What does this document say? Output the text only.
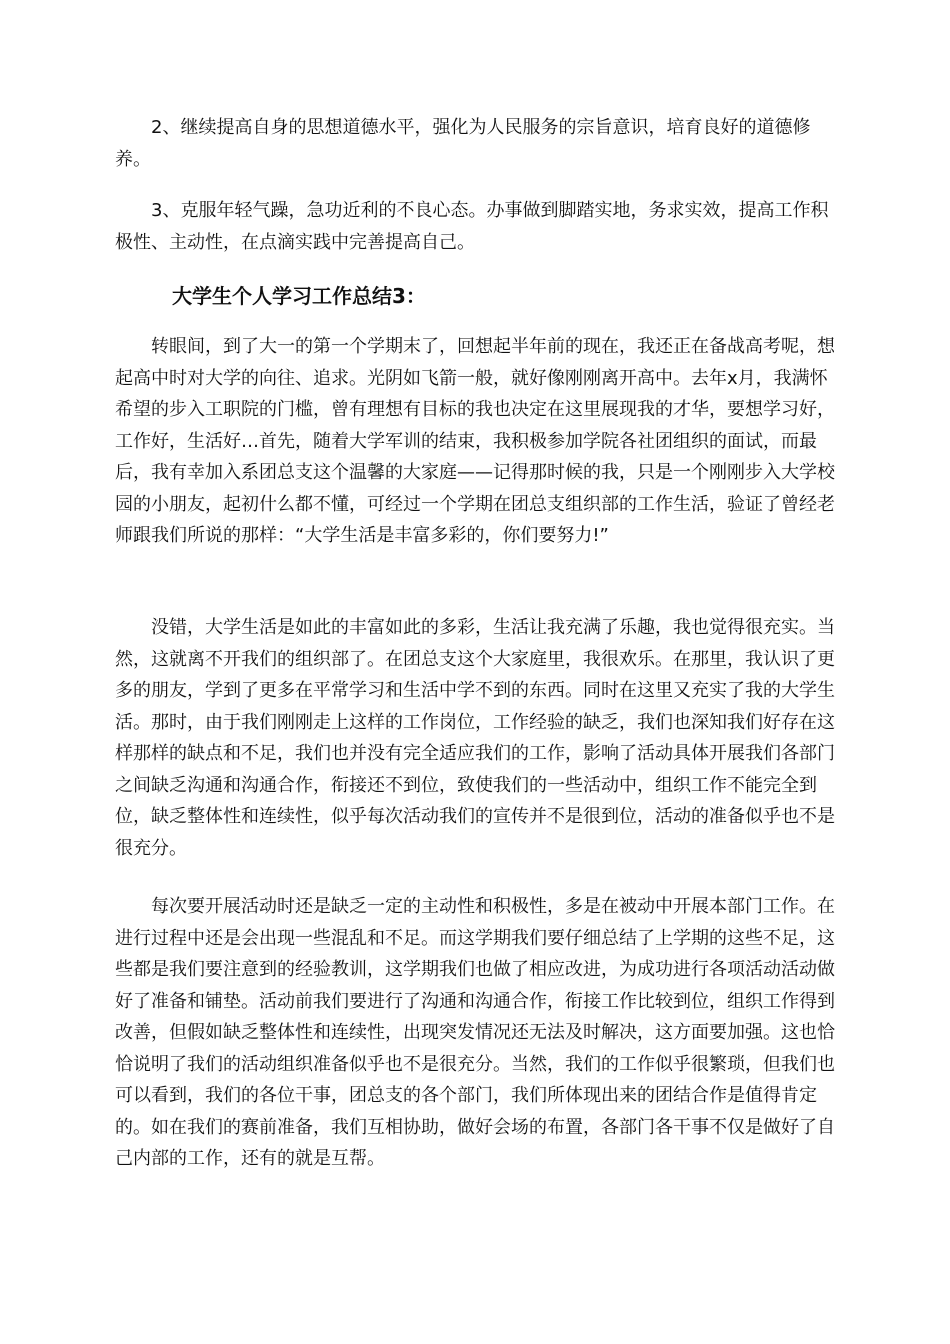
2、继续提高自身的思想道德水平，强化为人民服务的宗旨意识，培育良好的道德修养。

3、克服年轻气躁，急功近利的不良心态。办事做到脚踏实地，务求实效，提高工作积极性、主动性，在点滴实践中完善提高自己。

大学生个人学习工作总结3：

转眼间，到了大一的第一个学期末了，回想起半年前的现在，我还正在备战高考呢，想起高中时对大学的向往、追求。光阴如飞箭一般，就好像刚刚离开高中。去年x月，我满怀希望的步入工职院的门槛，曾有理想有目标的我也决定在这里展现我的才华，要想学习好，工作好，生活好…首先，随着大学军训的结束，我积极参加学院各社团组织的面试，而最后，我有幸加入系团总支这个温馨的大家庭——记得那时候的我，只是一个刚刚步入大学校园的小朋友，起初什么都不懂，可经过一个学期在团总支组织部的工作生活，验证了曾经老师跟我们所说的那样：“大学生活是丰富多彩的，你们要努力!”

没错，大学生活是如此的丰富如此的多彩，生活让我充满了乐趣，我也觉得很充实。当然，这就离不开我们的组织部了。在团总支这个大家庭里，我很欢乐。在那里，我认识了更多的朋友，学到了更多在平常学习和生活中学不到的东西。同时在这里又充实了我的大学生活。那时，由于我们刚刚走上这样的工作岗位，工作经验的缺乏，我们也深知我们好存在这样那样的缺点和不足，我们也并没有完全适应我们的工作，影响了活动具体开展我们各部门之间缺乏沟通和沟通合作，衔接还不到位，致使我们的一些活动中，组织工作不能完全到位，缺乏整体性和连续性，似乎每次活动我们的宣传并不是很到位，活动的准备似乎也不是很充分。

每次要开展活动时还是缺乏一定的主动性和积极性，多是在被动中开展本部门工作。在进行过程中还是会出现一些混乱和不足。而这学期我们要仔细总结了上学期的这些不足，这些都是我们要注意到的经验教训，这学期我们也做了相应改进，为成功进行各项活动活动做好了准备和铺垫。活动前我们要进行了沟通和沟通合作，衔接工作比较到位，组织工作得到改善，但假如缺乏整体性和连续性，出现突发情况还无法及时解决，这方面要加强。这也恰恰说明了我们的活动组织准备似乎也不是很充分。当然，我们的工作似乎很繁琐，但我们也可以看到，我们的各位干事，团总支的各个部门，我们所体现出来的团结合作是值得肯定的。如在我们的赛前准备，我们互相协助，做好会场的布置，各部门各干事不仅是做好了自己内部的工作，还有的就是互帮。
